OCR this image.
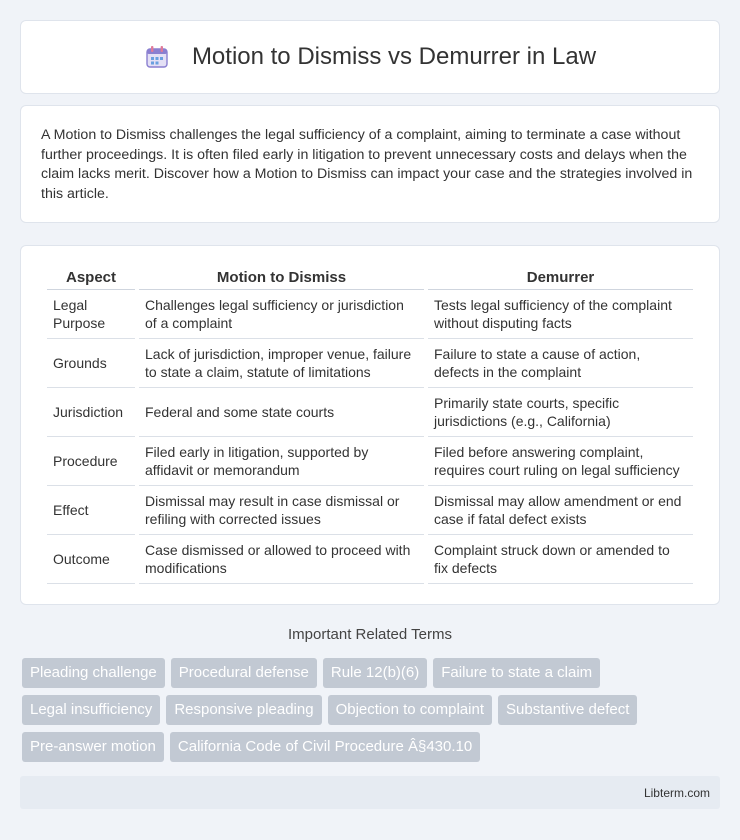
Motion to Dismiss vs Demurrer in Law

A Motion to Dismiss challenges the legal sufficiency of a complaint, aiming to terminate a case without further proceedings. It is often filed early in litigation to prevent unnecessary costs and delays when the claim lacks merit. Discover how a Motion to Dismiss can impact your case and the strategies involved in this article.

Aspect	Motion to Dismiss	Demurrer
Legal Purpose	Challenges legal sufficiency or jurisdiction of a complaint	Tests legal sufficiency of the complaint without disputing facts
Grounds	Lack of jurisdiction, improper venue, failure to state a claim, statute of limitations	Failure to state a cause of action, defects in the complaint
Jurisdiction	Federal and some state courts	Primarily state courts, specific jurisdictions (e.g., California)
Procedure	Filed early in litigation, supported by affidavit or memorandum	Filed before answering complaint, requires court ruling on legal sufficiency
Effect	Dismissal may result in case dismissal or refiling with corrected issues	Dismissal may allow amendment or end case if fatal defect exists
Outcome	Case dismissed or allowed to proceed with modifications	Complaint struck down or amended to fix defects
Important Related Terms
Pleading challenge	Procedural defense	Rule 12(b)(6)	Failure to state a claim
Legal insufficiency	Responsive pleading	Objection to complaint	Substantive defect
Pre-answer motion	California Code of Civil Procedure Â§430.10
Libterm.com
